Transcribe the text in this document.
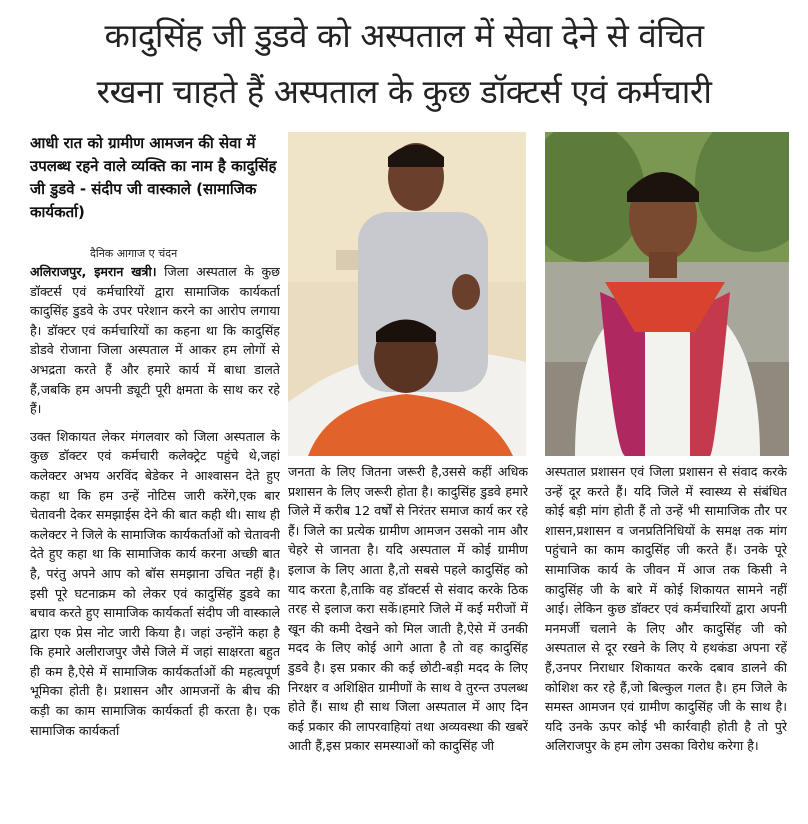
कादुसिंह जी डुडवे को अस्पताल में सेवा देने से वंचित
रखना चाहते हैं अस्पताल के कुछ डॉक्टर्स एवं कर्मचारी
आधी रात को ग्रामीण आमजन की सेवा में उपलब्ध रहने वाले व्यक्ति का नाम है कादुसिंह जी डुडवे - संदीप जी वास्काले (सामाजिक कार्यकर्ता)
दैनिक आगाज ए चंदन

अलिराजपुर, इमरान खत्री। जिला अस्पताल के कुछ डॉक्टर्स एवं कर्मचारियों द्वारा सामाजिक कार्यकर्ता कादुसिंह डुडवे के उपर परेशान करने का आरोप लगाया है। डॉक्टर एवं कर्मचारियों का कहना था कि कादुसिंह डोडवे रोजाना जिला अस्पताल में आकर हम लोगों से अभद्रता करते हैं और हमारे कार्य में बाधा डालते हैं,जबकि हम अपनी ड्यूटी पूरी क्षमता के साथ कर रहे हैं।

उक्त शिकायत लेकर मंगलवार को जिला अस्पताल के कुछ डॉक्टर एवं कर्मचारी कलेक्ट्रेट पहुंचे थे,जहां कलेक्टर अभय अरविंद बेडेकर ने आश्वासन देते हुए कहा था कि हम उन्हें नोटिस जारी करेंगे,एक बार चेतावनी देकर समझाईस देने की बात कही थी। साथ ही कलेक्टर ने जिले के सामाजिक कार्यकर्ताओं को चेतावनी देते हुए कहा था कि सामाजिक कार्य करना अच्छी बात है, परंतु अपने आप को बॉस समझाना उचित नहीं है। इसी पूरे घटनाक्रम को लेकर एवं कादुसिंह डुडवे का बचाव करते हुए सामाजिक कार्यकर्ता संदीप जी वास्काले द्वारा एक प्रेस नोट जारी किया है। जहां उन्होंने कहा है कि हमारे अलीराजपुर जैसे जिले में जहां साक्षरता बहुत ही कम है,ऐसे में सामाजिक कार्यकर्ताओं की महत्वपूर्ण भूमिका होती है। प्रशासन और आमजनों के बीच की कड़ी का काम सामाजिक कार्यकर्ता ही करता है। एक सामाजिक कार्यकर्ता

जनता के लिए जितना जरूरी है,उससे कहीं अधिक प्रशासन के लिए जरूरी होता है। कादुसिंह डुडवे हमारे जिले में करीब 12 वर्षों से निरंतर समाज कार्य कर रहे हैं। जिले का प्रत्येक ग्रामीण आमजन उसको नाम और चेहरे से जानता है। यदि अस्पताल में कोई ग्रामीण इलाज के लिए आता है,तो सबसे पहले कादुसिंह को याद करता है,ताकि वह डॉक्टर्स से संवाद करके ठिक तरह से इलाज करा सकें।हमारे जिले में कई मरीजों में खून की कमी देखने को मिल जाती है,ऐसे में उनकी मदद के लिए कोई आगे आता है तो वह कादुसिंह डुडवे है। इस प्रकार की कई छोटी-बड़ी मदद के लिए निरक्षर व अशिक्षित ग्रामीणों के साथ वे तुरन्त उपलब्ध होते हैं। साथ ही साथ जिला अस्पताल में आए दिन कई प्रकार की लापरवाहियां तथा अव्यवस्था की खबरें आती हैं,इस प्रकार समस्याओं को कादुसिंह जी
अस्पताल प्रशासन एवं जिला प्रशासन से संवाद करके उन्हें दूर करते हैं। यदि जिले में स्वास्थ्य से संबंधित कोई बड़ी मांग होती हैं तो उन्हें भी सामाजिक तौर पर शासन,प्रशासन व जनप्रतिनिधियों के समक्ष तक मांग पहुंचाने का काम कादुसिंह जी करते हैं। उनके पूरे सामाजिक कार्य के जीवन में आज तक किसी ने कादुसिंह जी के बारे में कोई शिकायत सामने नहीं आई। लेकिन कुछ डॉक्टर एवं कर्मचारियों द्वारा अपनी मनमर्जी चलाने के लिए और कादुसिंह जी को अस्पताल से दूर रखने के लिए ये हथकंडा अपना रहें हैं,उनपर निराधार शिकायत करके दबाव डालने की कोशिश कर रहे हैं,जो बिल्कुल गलत है। हम जिले के समस्त आमजन एवं ग्रामीण कादुसिंह जी के साथ है। यदि उनके ऊपर कोई भी कार्रवाही होती है तो पुरे अलिराजपुर के हम लोग उसका विरोध करेगा है।
